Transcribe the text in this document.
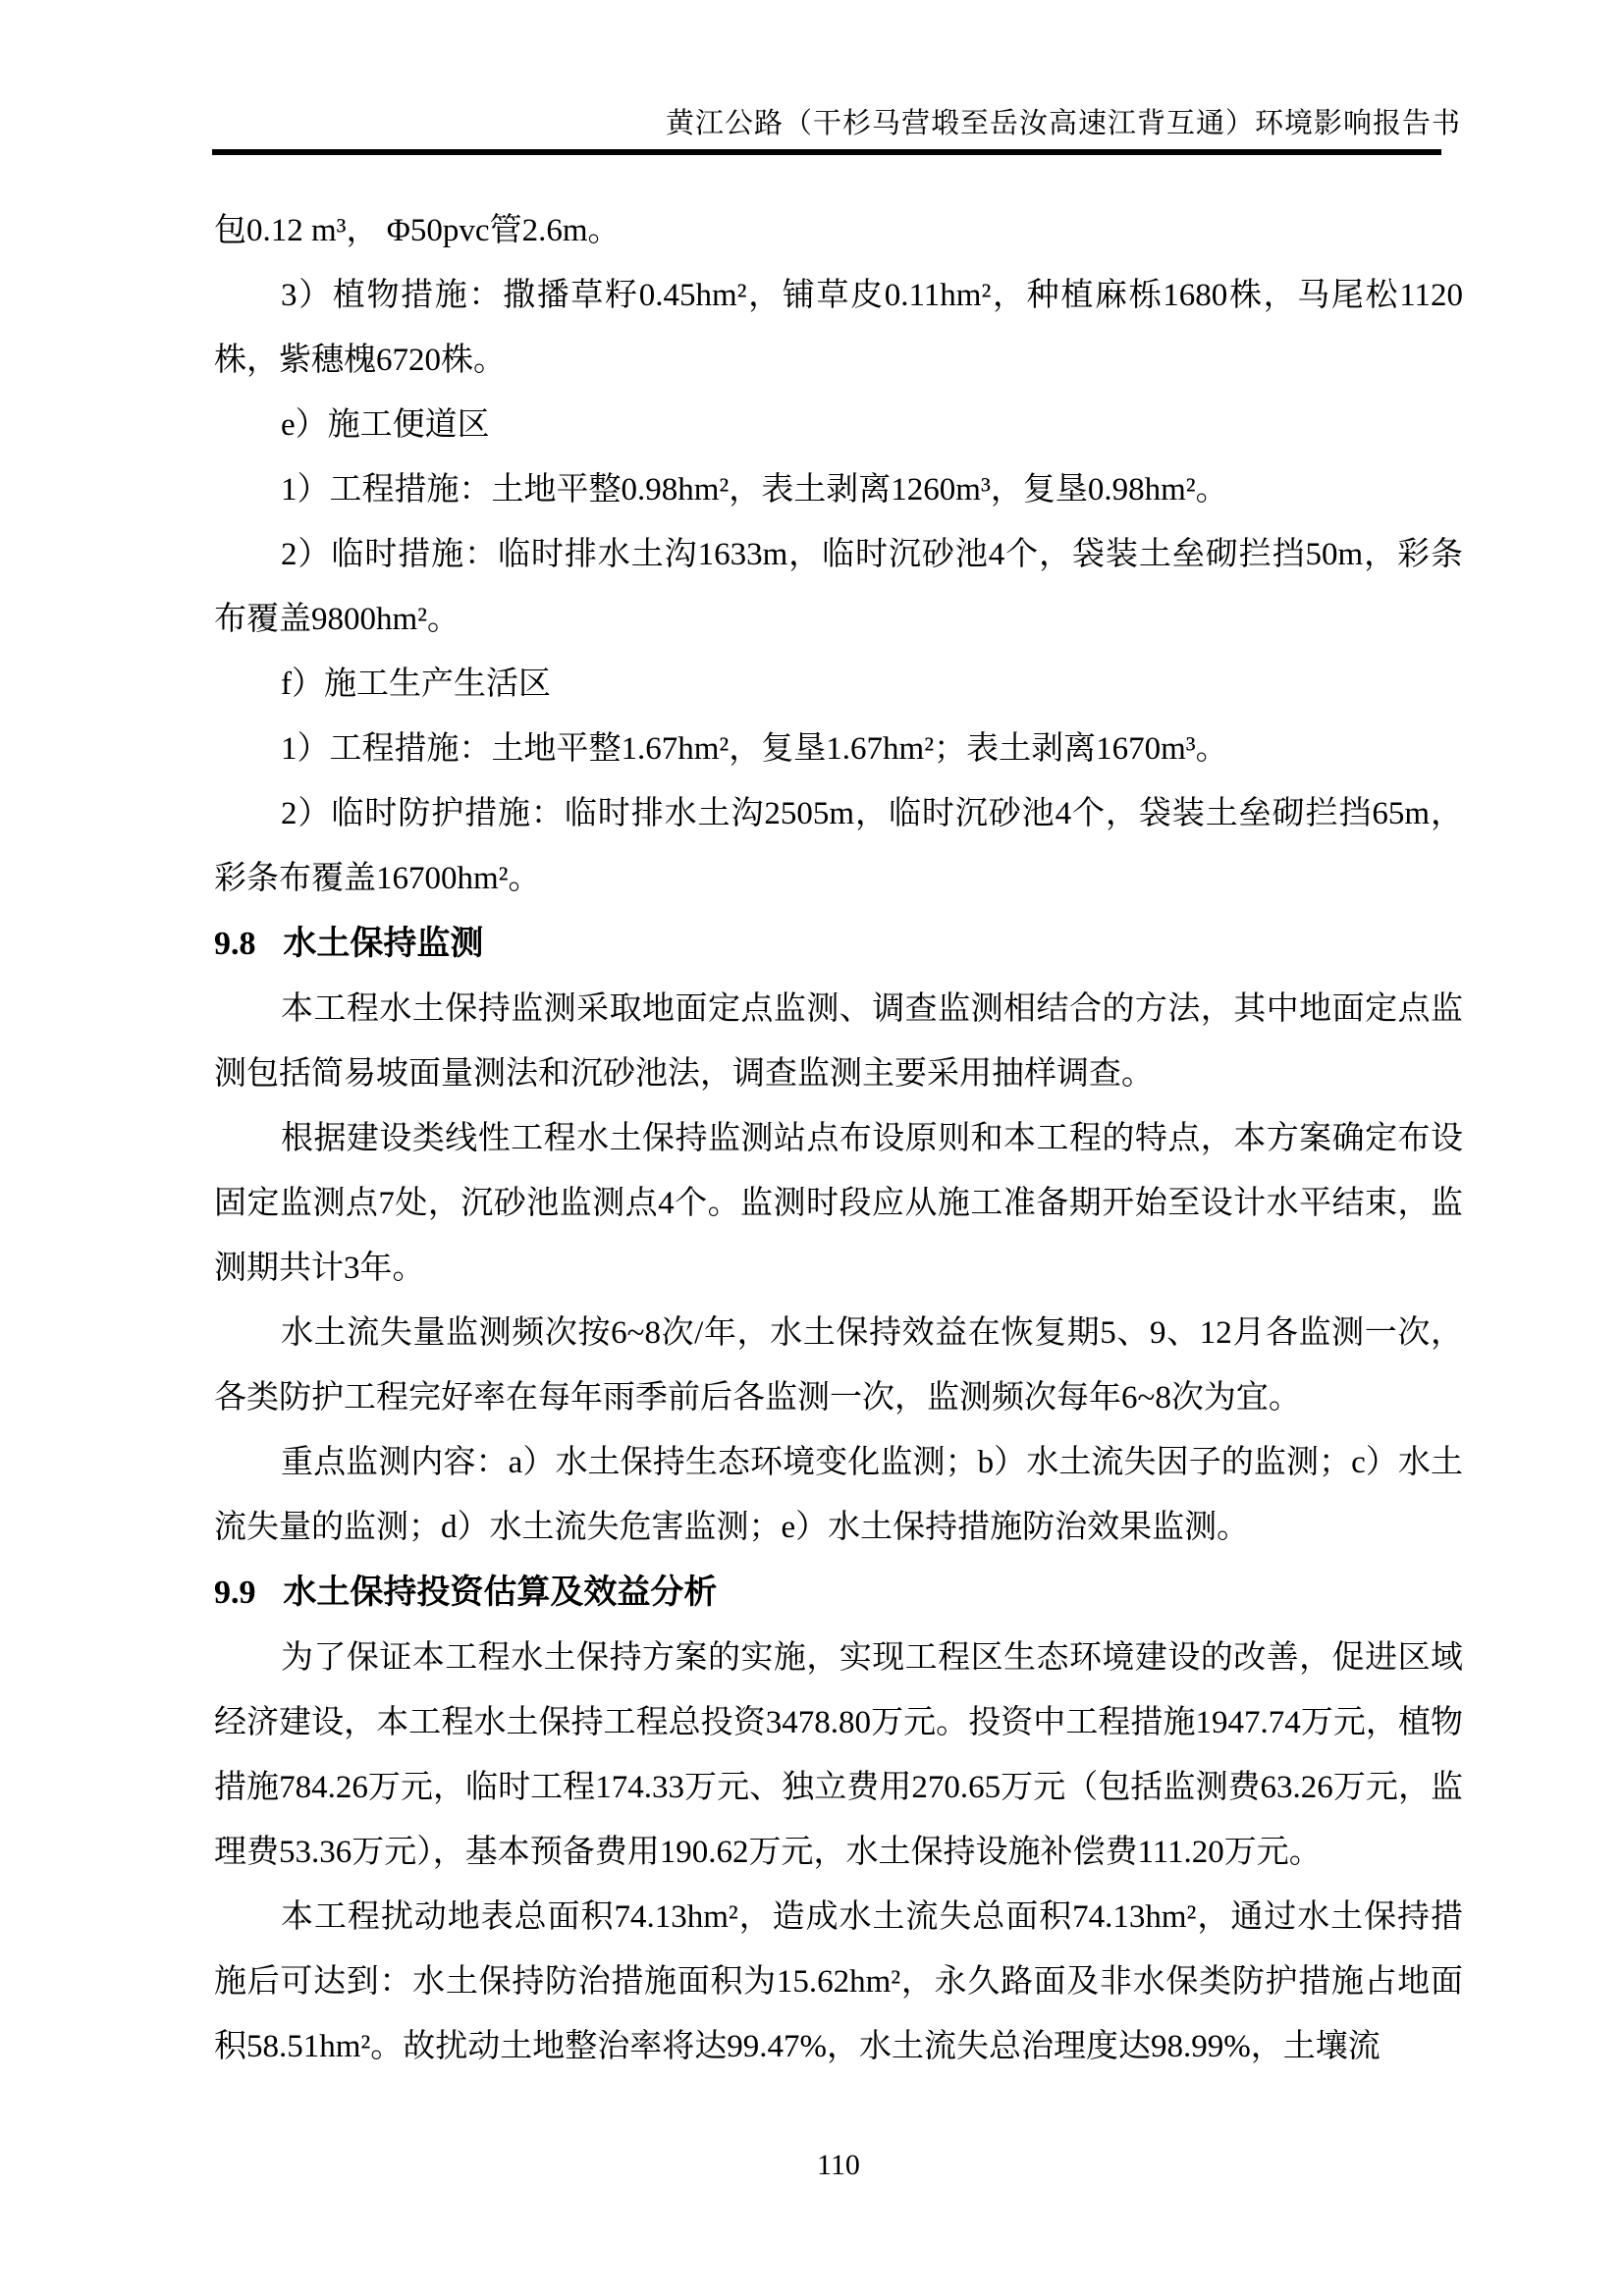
黄江公路（干杉马营塅至岳汝高速江背互通）环境影响报告书

包0.12 m³， Φ50pvc管2.6m。

3）植物措施：撒播草籽0.45hm²，铺草皮0.11hm²，种植麻栎1680株，马尾松1120株，紫穗槐6720株。

e）施工便道区

1）工程措施：土地平整0.98hm²，表土剥离1260m³，复垦0.98hm²。

2）临时措施：临时排水土沟1633m，临时沉砂池4个，袋装土垒砌拦挡50m，彩条布覆盖9800hm²。

f）施工生产生活区

1）工程措施：土地平整1.67hm²，复垦1.67hm²；表土剥离1670m³。

2）临时防护措施：临时排水土沟2505m，临时沉砂池4个，袋装土垒砌拦挡65m，彩条布覆盖16700hm²。

9.8 水土保持监测

本工程水土保持监测采取地面定点监测、调查监测相结合的方法，其中地面定点监测包括简易坡面量测法和沉砂池法，调查监测主要采用抽样调查。

根据建设类线性工程水土保持监测站点布设原则和本工程的特点，本方案确定布设固定监测点7处，沉砂池监测点4个。监测时段应从施工准备期开始至设计水平结束，监测期共计3年。

水土流失量监测频次按6~8次/年，水土保持效益在恢复期5、9、12月各监测一次，各类防护工程完好率在每年雨季前后各监测一次，监测频次每年6~8次为宜。

重点监测内容：a）水土保持生态环境变化监测；b）水土流失因子的监测；c）水土流失量的监测；d）水土流失危害监测；e）水土保持措施防治效果监测。

9.9 水土保持投资估算及效益分析

为了保证本工程水土保持方案的实施，实现工程区生态环境建设的改善，促进区域经济建设，本工程水土保持工程总投资3478.80万元。投资中工程措施1947.74万元，植物措施784.26万元，临时工程174.33万元、独立费用270.65万元（包括监测费63.26万元，监理费53.36万元），基本预备费用190.62万元，水土保持设施补偿费111.20万元。

本工程扰动地表总面积74.13hm²，造成水土流失总面积74.13hm²，通过水土保持措施后可达到：水土保持防治措施面积为15.62hm²，永久路面及非水保类防护措施占地面积58.51hm²。故扰动土地整治率将达99.47%，水土流失总治理度达98.99%，土壤流

110
